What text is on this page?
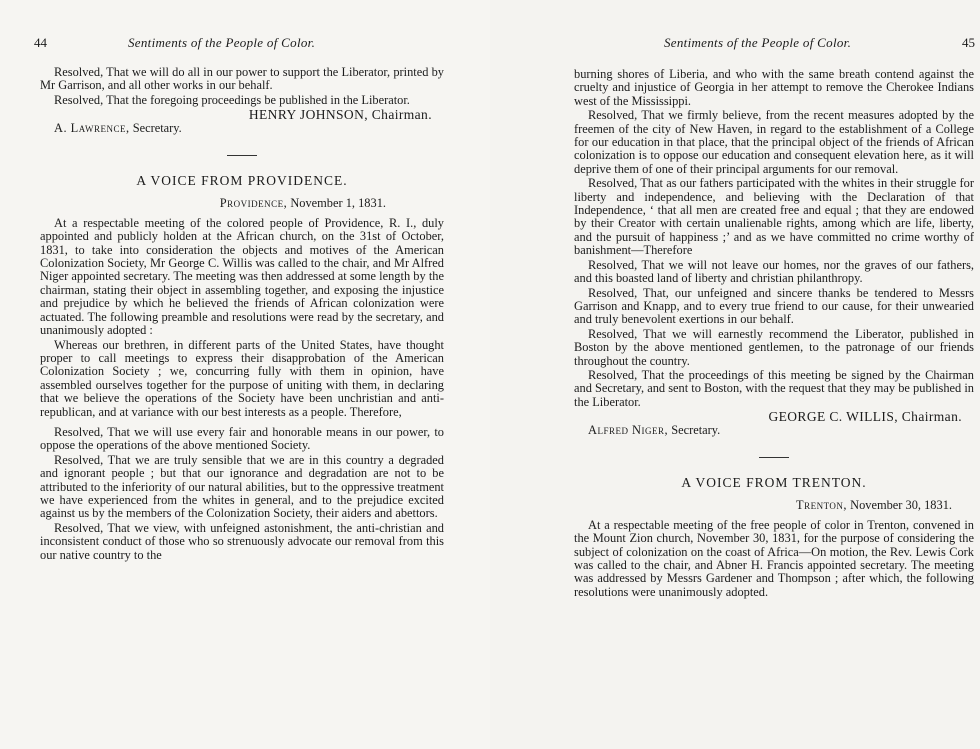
44	Sentiments of the People of Color.

Resolved, That we will do all in our power to support the Liberator, printed by Mr Garrison, and all other works in our behalf.

Resolved, That the foregoing proceedings be published in the Liberator.

HENRY JOHNSON, Chairman.
A. Lawrence, Secretary.
A VOICE FROM PROVIDENCE.
Providence, November 1, 1831.

At a respectable meeting of the colored people of Providence, R. I., duly appointed and publicly holden at the African church, on the 31st of October, 1831, to take into consideration the objects and motives of the American Colonization Society, Mr George C. Willis was called to the chair, and Mr Alfred Niger appointed secretary. The meeting was then addressed at some length by the chairman, stating their object in assembling together, and exposing the injustice and prejudice by which he believed the friends of African colonization were actuated. The following preamble and resolutions were read by the secretary, and unanimously adopted :

Whereas our brethren, in different parts of the United States, have thought proper to call meetings to express their disapprobation of the American Colonization Society ; we, concurring fully with them in opinion, have assembled ourselves together for the purpose of uniting with them, in declaring that we believe the operations of the Society have been unchristian and anti-republican, and at variance with our best interests as a people. Therefore,

Resolved, That we will use every fair and honorable means in our power, to oppose the operations of the above mentioned Society.

Resolved, That we are truly sensible that we are in this country a degraded and ignorant people ; but that our ignorance and degradation are not to be attributed to the inferiority of our natural abilities, but to the oppressive treatment we have experienced from the whites in general, and to the prejudice excited against us by the members of the Colonization Society, their aiders and abettors.

Resolved, That we view, with unfeigned astonishment, the anti-christian and inconsistent conduct of those who so strenuously advocate our removal from this our native country to the

Sentiments of the People of Color.	45

burning shores of Liberia, and who with the same breath contend against the cruelty and injustice of Georgia in her attempt to remove the Cherokee Indians west of the Mississippi.

Resolved, That we firmly believe, from the recent measures adopted by the freemen of the city of New Haven, in regard to the establishment of a College for our education in that place, that the principal object of the friends of African colonization is to oppose our education and consequent elevation here, as it will deprive them of one of their principal arguments for our removal.

Resolved, That as our fathers participated with the whites in their struggle for liberty and independence, and believing with the Declaration of that Independence, ‘ that all men are created free and equal ; that they are endowed by their Creator with certain unalienable rights, among which are life, liberty, and the pursuit of happiness ;’ and as we have committed no crime worthy of banishment—Therefore

Resolved, That we will not leave our homes, nor the graves of our fathers, and this boasted land of liberty and christian philanthropy.

Resolved, That, our unfeigned and sincere thanks be tendered to Messrs Garrison and Knapp, and to every true friend to our cause, for their unwearied and truly benevolent exertions in our behalf.

Resolved, That we will earnestly recommend the Liberator, published in Boston by the above mentioned gentlemen, to the patronage of our friends throughout the country.

Resolved, That the proceedings of this meeting be signed by the Chairman and Secretary, and sent to Boston, with the request that they may be published in the Liberator.

GEORGE C. WILLIS, Chairman.
Alfred Niger, Secretary.
A VOICE FROM TRENTON.
Trenton, November 30, 1831.

At a respectable meeting of the free people of color in Trenton, convened in the Mount Zion church, November 30, 1831, for the purpose of considering the subject of colonization on the coast of Africa—On motion, the Rev. Lewis Cork was called to the chair, and Abner H. Francis appointed secretary. The meeting was addressed by Messrs Gardener and Thompson ; after which, the following resolutions were unanimously adopted.
